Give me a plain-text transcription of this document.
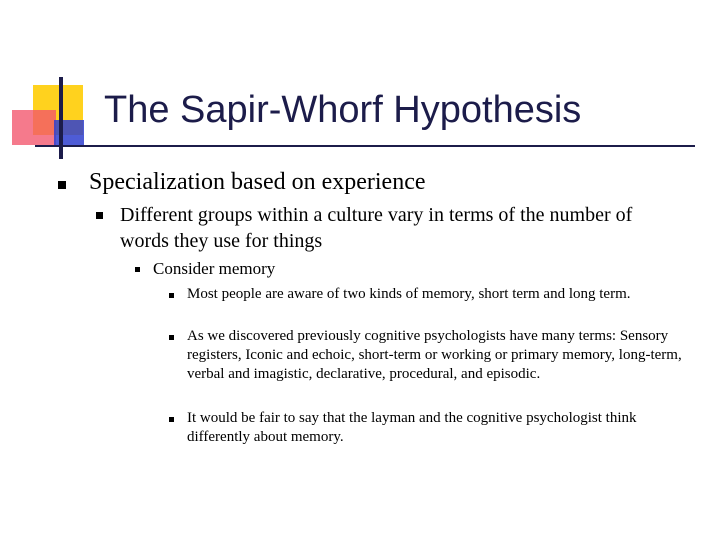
The Sapir-Whorf Hypothesis
Specialization based on experience
Different groups within a culture vary in terms of the number of words they use for things
Consider memory
Most people are aware of two kinds of memory, short term and long term.
As we discovered previously cognitive psychologists have many terms: Sensory registers, Iconic and echoic, short-term or working or primary memory, long-term, verbal and imagistic, declarative, procedural, and episodic.
It would be fair to say that the layman and the cognitive psychologist think differently about memory.
